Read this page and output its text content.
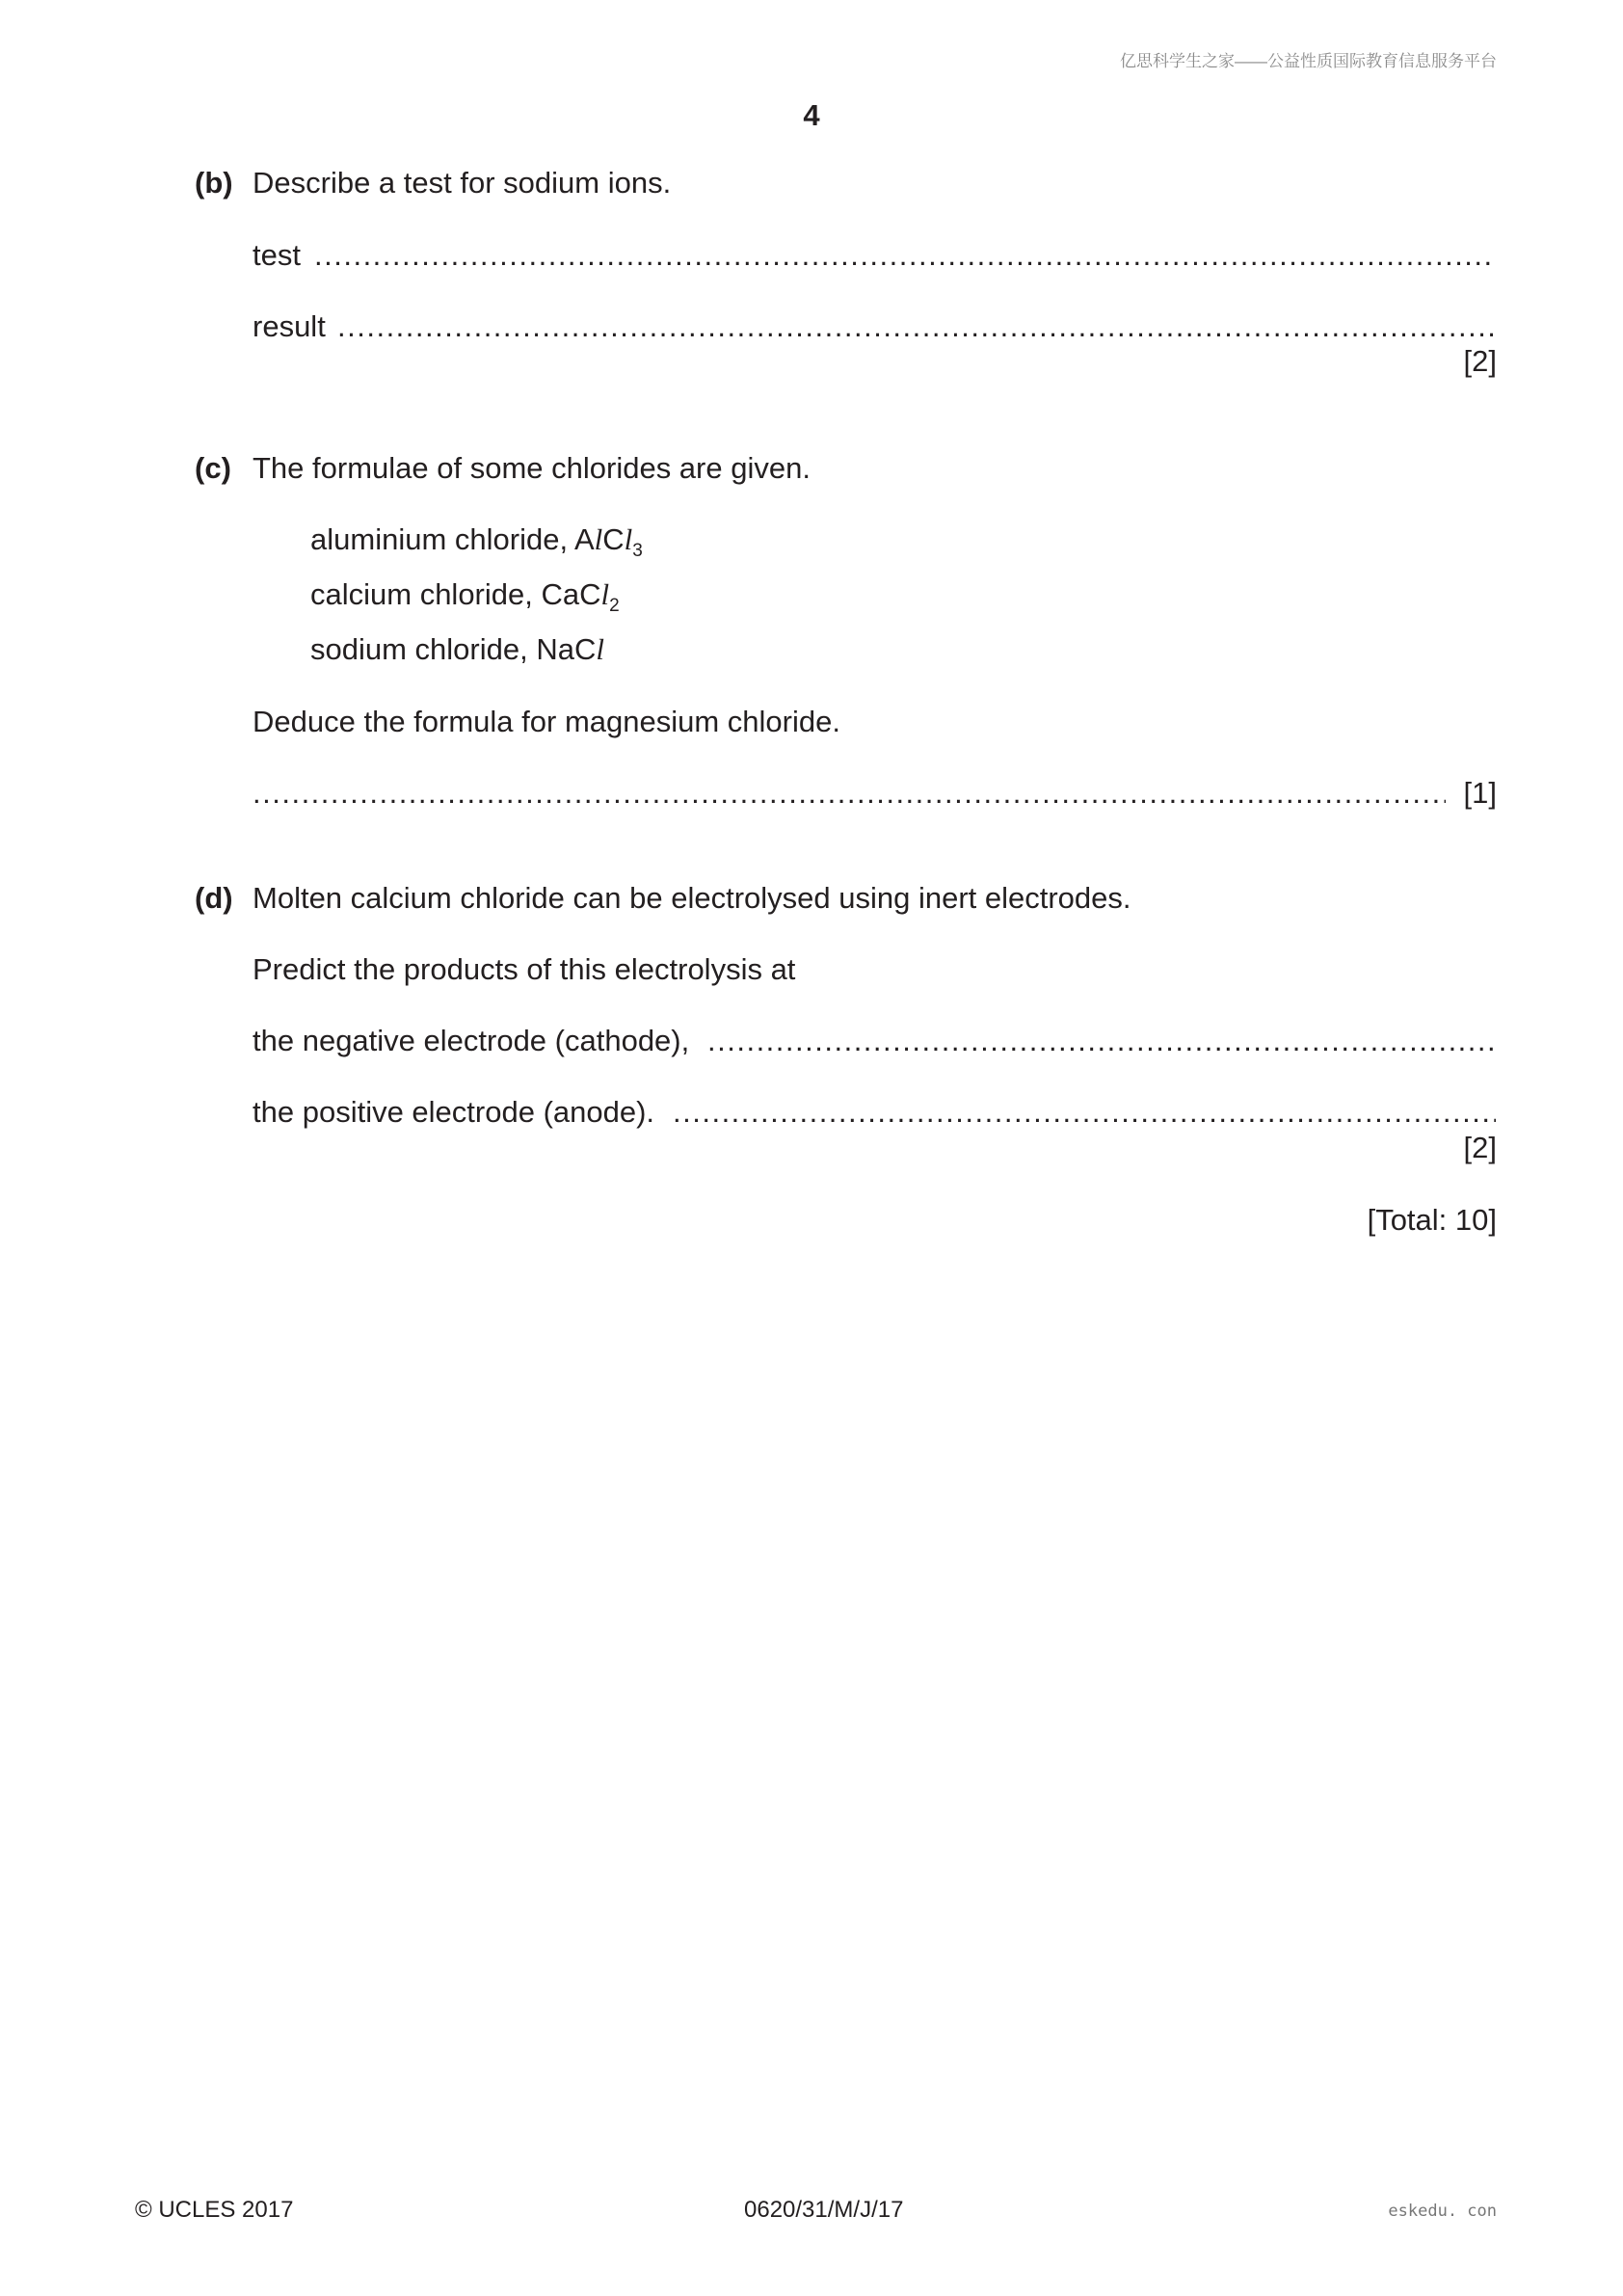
亿思科学生之家——公益性质国际教育信息服务平台
4
(b) Describe a test for sodium ions.
test
.....
result
.....
[2]
(c) The formulae of some chlorides are given.
aluminium chloride, AlCl$_3$
calcium chloride, CaCl$_2$
sodium chloride, NaCl
Deduce the formula for magnesium chloride.
.....
[1]
(d) Molten calcium chloride can be electrolysed using inert electrodes.
Predict the products of this electrolysis at
the negative electrode (cathode),
.....
the positive electrode (anode).
.....
[2]
[Total: 10]
© UCLES 2017	0620/31/M/J/17	eskedu. con
